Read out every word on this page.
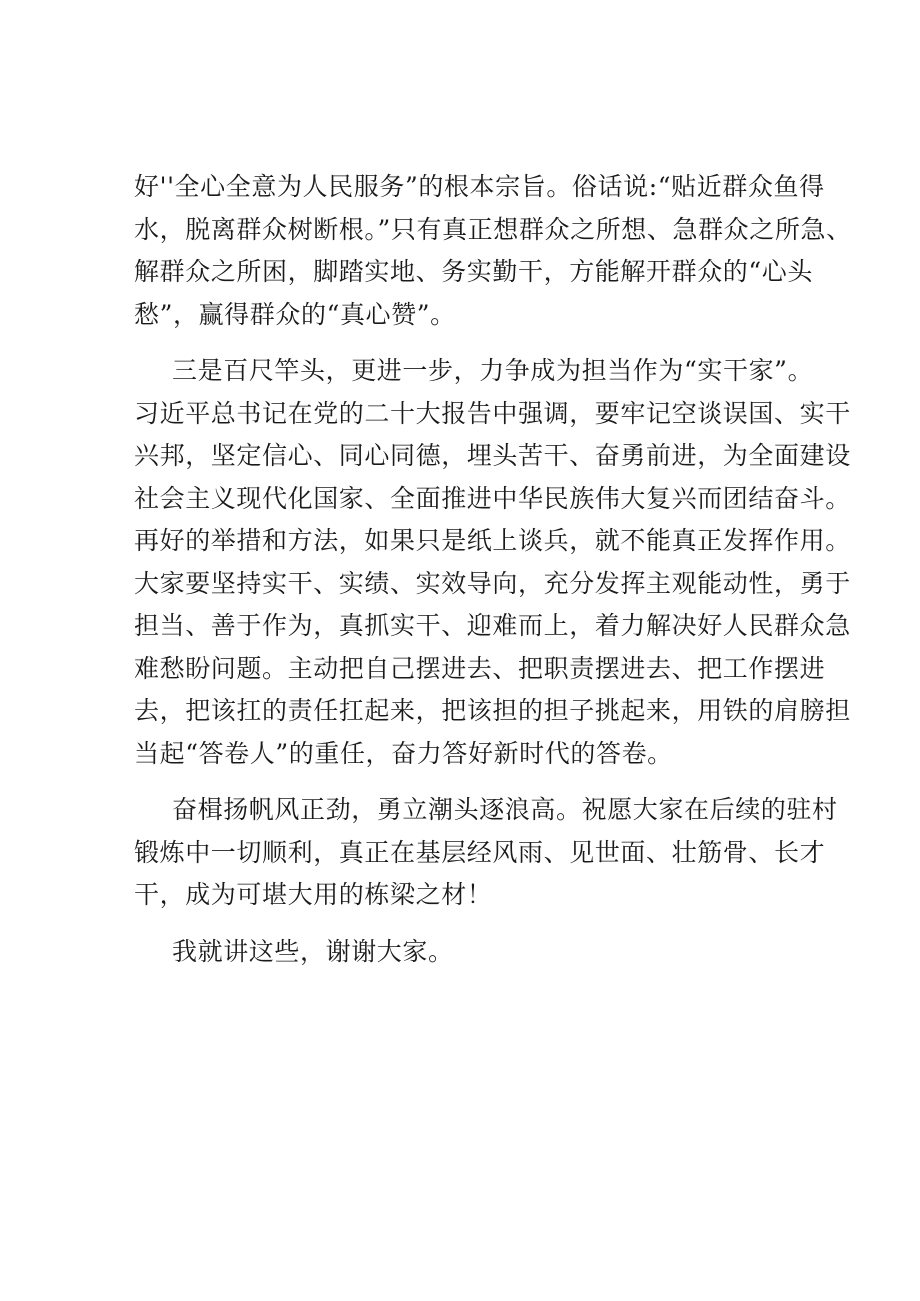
好''全心全意为人民服务”的根本宗旨。俗话说:“贴近群众鱼得
水，脱离群众树断根。”只有真正想群众之所想、急群众之所急、
解群众之所困，脚踏实地、务实勤干，方能解开群众的“心头
愁”，赢得群众的“真心赞”。
三是百尺竿头，更进一步，力争成为担当作为“实干家”。
习近平总书记在党的二十大报告中强调，要牢记空谈误国、实干
兴邦，坚定信心、同心同德，埋头苦干、奋勇前进，为全面建设
社会主义现代化国家、全面推进中华民族伟大复兴而团结奋斗。
再好的举措和方法，如果只是纸上谈兵，就不能真正发挥作用。
大家要坚持实干、实绩、实效导向，充分发挥主观能动性，勇于
担当、善于作为，真抓实干、迎难而上，着力解决好人民群众急
难愁盼问题。主动把自己摆进去、把职责摆进去、把工作摆进
去，把该扛的责任扛起来，把该担的担子挑起来，用铁的肩膀担
当起“答卷人”的重任，奋力答好新时代的答卷。
奋楫扬帆风正劲，勇立潮头逐浪高。祝愿大家在后续的驻村
锻炼中一切顺利，真正在基层经风雨、见世面、壮筋骨、长才
干，成为可堪大用的栋梁之材！
我就讲这些，谢谢大家。
